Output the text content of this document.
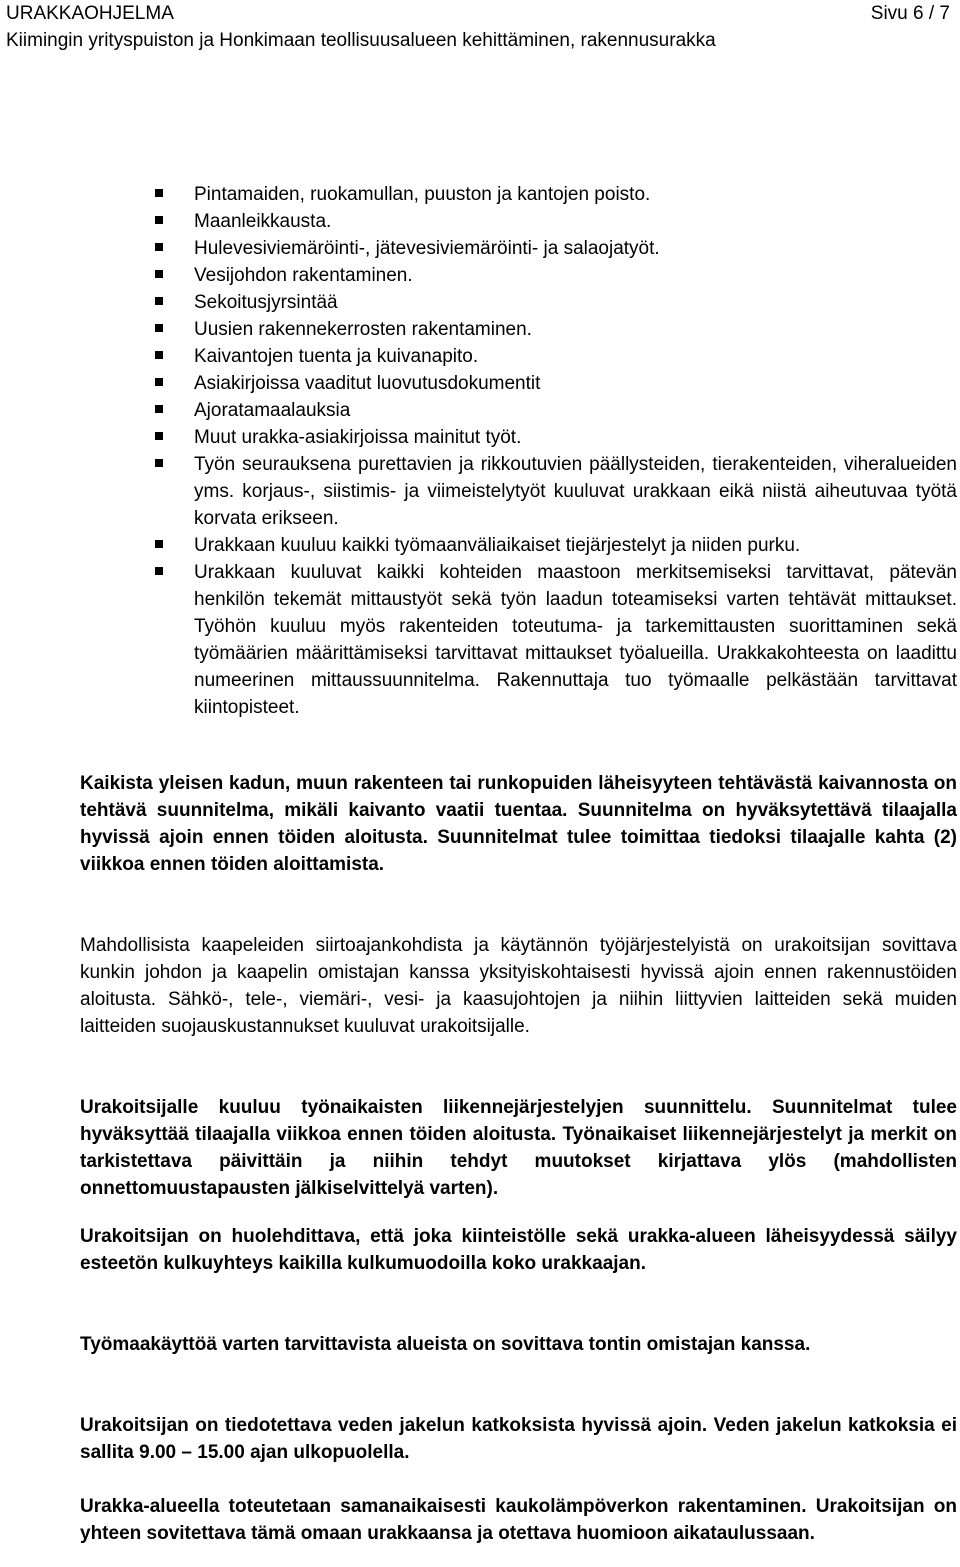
URAKKAOHJELMA	Sivu 6 / 7
Kiimingin yrityspuiston ja Honkimaan teollisuusalueen kehittäminen, rakennusurakka
Pintamaiden, ruokamullan, puuston ja kantojen poisto.
Maanleikkausta.
Hulevesiviemäröinti-, jätevesiviemäröinti- ja salaojatyöt.
Vesijohdon rakentaminen.
Sekoitusjyrsintää
Uusien rakennekerrosten rakentaminen.
Kaivantojen tuenta ja kuivanapito.
Asiakirjoissa vaaditut luovutusdokumentit
Ajoratamaalauksia
Muut urakka-asiakirjoissa mainitut työt.
Työn seurauksena purettavien ja rikkoutuvien päällysteiden, tierakenteiden, viheralueiden yms. korjaus-, siistimis- ja viimeistelytyöt kuuluvat urakkaan eikä niistä aiheutuvaa työtä korvata erikseen.
Urakkaan kuuluu kaikki työmaanväliaikaiset tiejärjestelyt ja niiden purku.
Urakkaan kuuluvat kaikki kohteiden maastoon merkitsemiseksi tarvittavat, pätevän henkilön tekemät mittaustyöt sekä työn laadun toteamiseksi varten tehtävät mittaukset. Työhön kuuluu myös rakenteiden toteutuma- ja tarkemittausten suorittaminen sekä työmäärien määrittämiseksi tarvittavat mittaukset työalueilla. Urakkakohteesta on laadittu numeerinen mittaussuunnitelma. Rakennuttaja tuo työmaalle pelkästään tarvittavat kiintopisteet.

Kaikista yleisen kadun, muun rakenteen tai runkopuiden läheisyyteen tehtävästä kaivannosta on tehtävä suunnitelma, mikäli kaivanto vaatii tuentaa. Suunnitelma on hyväksytettävä tilaajalla hyvissä ajoin ennen töiden aloitusta. Suunnitelmat tulee toimittaa tiedoksi tilaajalle kahta (2) viikkoa ennen töiden aloittamista.

Mahdollisista kaapeleiden siirtoajankohdista ja käytännön työjärjestelyistä on urakoitsijan sovittava kunkin johdon ja kaapelin omistajan kanssa yksityiskohtaisesti hyvissä ajoin ennen rakennustöiden aloitusta. Sähkö-, tele-, viemäri-, vesi- ja kaasujohtojen ja niihin liittyvien laitteiden sekä muiden laitteiden suojauskustannukset kuuluvat urakoitsijalle.

Urakoitsijalle kuuluu työnaikaisten liikennejärjestelyjen suunnittelu. Suunnitelmat tulee hyväksyttää tilaajalla viikkoa ennen töiden aloitusta. Työnaikaiset liikennejärjestelyt ja merkit on tarkistettava päivittäin ja niihin tehdyt muutokset kirjattava ylös (mahdollisten onnettomuustapausten jälkiselvittelyä varten).

Urakoitsijan on huolehdittava, että joka kiinteistölle sekä urakka-alueen läheisyydessä säilyy esteetön kulkuyhteys kaikilla kulkumuodoilla koko urakkaajan.

Työmaakäyttöä varten tarvittavista alueista on sovittava tontin omistajan kanssa.

Urakoitsijan on tiedotettava veden jakelun katkoksista hyvissä ajoin. Veden jakelun katkoksia ei sallita 9.00 – 15.00 ajan ulkopuolella.

Urakka-alueella toteutetaan samanaikaisesti kaukolämpöverkon rakentaminen. Urakoitsijan on yhteen sovitettava tämä omaan urakkaansa ja otettava huomioon aikataulussaan.
